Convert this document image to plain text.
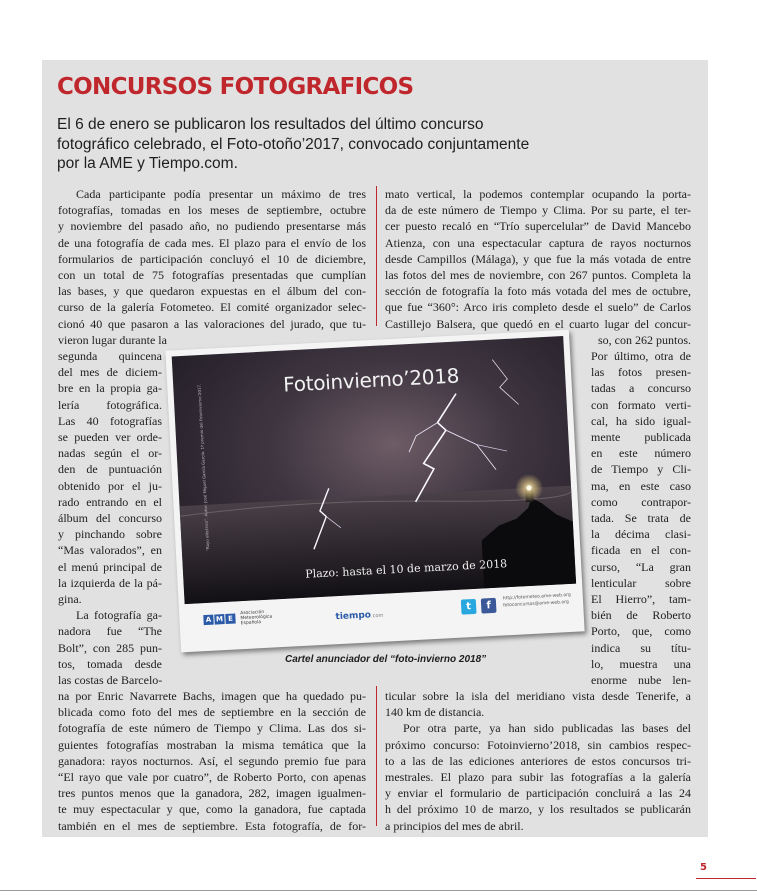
CONCURSOS FOTOGRAFICOS
El 6 de enero se publicaron los resultados del último concurso
fotográfico celebrado, el Foto-otoño’2017, convocado conjuntamente
por la AME y Tiempo.com.
Cada participante podía presentar un máximo de tres
fotografías, tomadas en los meses de septiembre, octubre
y noviembre del pasado año, no pudiendo presentarse más
de una fotografía de cada mes. El plazo para el envío de los
formularios de participación concluyó el 10 de diciembre,
con un total de 75 fotografías presentadas que cumplían
las bases, y que quedaron expuestas en el álbum del con-
curso de la galería Fotometeo. El comité organizador selec-
cionó 40 que pasaron a las valoraciones del jurado, que tu-
vieron lugar durante la
segunda quincena
del mes de diciem-
bre en la propia ga-
lería fotográfica.
Las 40 fotografías
se pueden ver orde-
nadas según el or-
den de puntuación
obtenido por el ju-
rado entrando en el
álbum del concurso
y pinchando sobre
“Mas valorados”, en
el menú principal de
la izquierda de la pá-
gina.
La fotografía ga-
nadora fue “The
Bolt”, con 285 pun-
tos, tomada desde
las costas de Barcelo-
na por Enric Navarrete Bachs, imagen que ha quedado pu-
blicada como foto del mes de septiembre en la sección de
fotografía de este número de Tiempo y Clima. Las dos si-
guientes fotografías mostraban la misma temática que la
ganadora: rayos nocturnos. Así, el segundo premio fue para
“El rayo que vale por cuatro”, de Roberto Porto, con apenas
tres puntos menos que la ganadora, 282, imagen igualmen-
te muy espectacular y que, como la ganadora, fue captada
también en el mes de septiembre. Esta fotografía, de for-
mato vertical, la podemos contemplar ocupando la porta-
da de este número de Tiempo y Clima. Por su parte, el ter-
cer puesto recaló en “Trío supercelular” de David Mancebo
Atienza, con una espectacular captura de rayos nocturnos
desde Campillos (Málaga), y que fue la más votada de entre
las fotos del mes de noviembre, con 267 puntos. Completa la
sección de fotografía la foto más votada del mes de octubre,
que fue “360°: Arco iris completo desde el suelo” de Carlos
Castillejo Balsera, que quedó en el cuarto lugar del concur-
so, con 262 puntos.
Por último, otra de
las fotos presen-
tadas a concurso
con formato verti-
cal, ha sido igual-
mente publicada
en este número
de Tiempo y Cli-
ma, en este caso
como contrapor-
tada. Se trata de
la décima clasi-
ficada en el con-
curso, “La gran
lenticular sobre
El Hierro”, tam-
bién de Roberto
Porto, que, como
indica su títu-
lo, muestra una
enorme nube len-
ticular sobre la isla del meridiano vista desde Tenerife, a
140 km de distancia.
Por otra parte, ya han sido publicadas las bases del
próximo concurso: Fotoinvierno’2018, sin cambios respec-
to a las de las ediciones anteriores de estos concursos tri-
mestrales. El plazo para subir las fotografías a la galería
y enviar el formulario de participación concluirá a las 24
h del próximo 10 de marzo, y los resultados se publicarán
a principios del mes de abril.
Fotoinvierno’2018
Plazo: hasta el 10 de marzo de 2018
“Rayo eléctrico”. Autor: José Miguel García García. 1º premio del Fotoinvierno’2017.
A M E
Asociación
Meteorológica
Española
tiempo.com
t	f
http://fotometeo.ame-web.org
fotoconcursos@ame-web.org

Cartel anunciador del “foto-invierno 2018”

5
